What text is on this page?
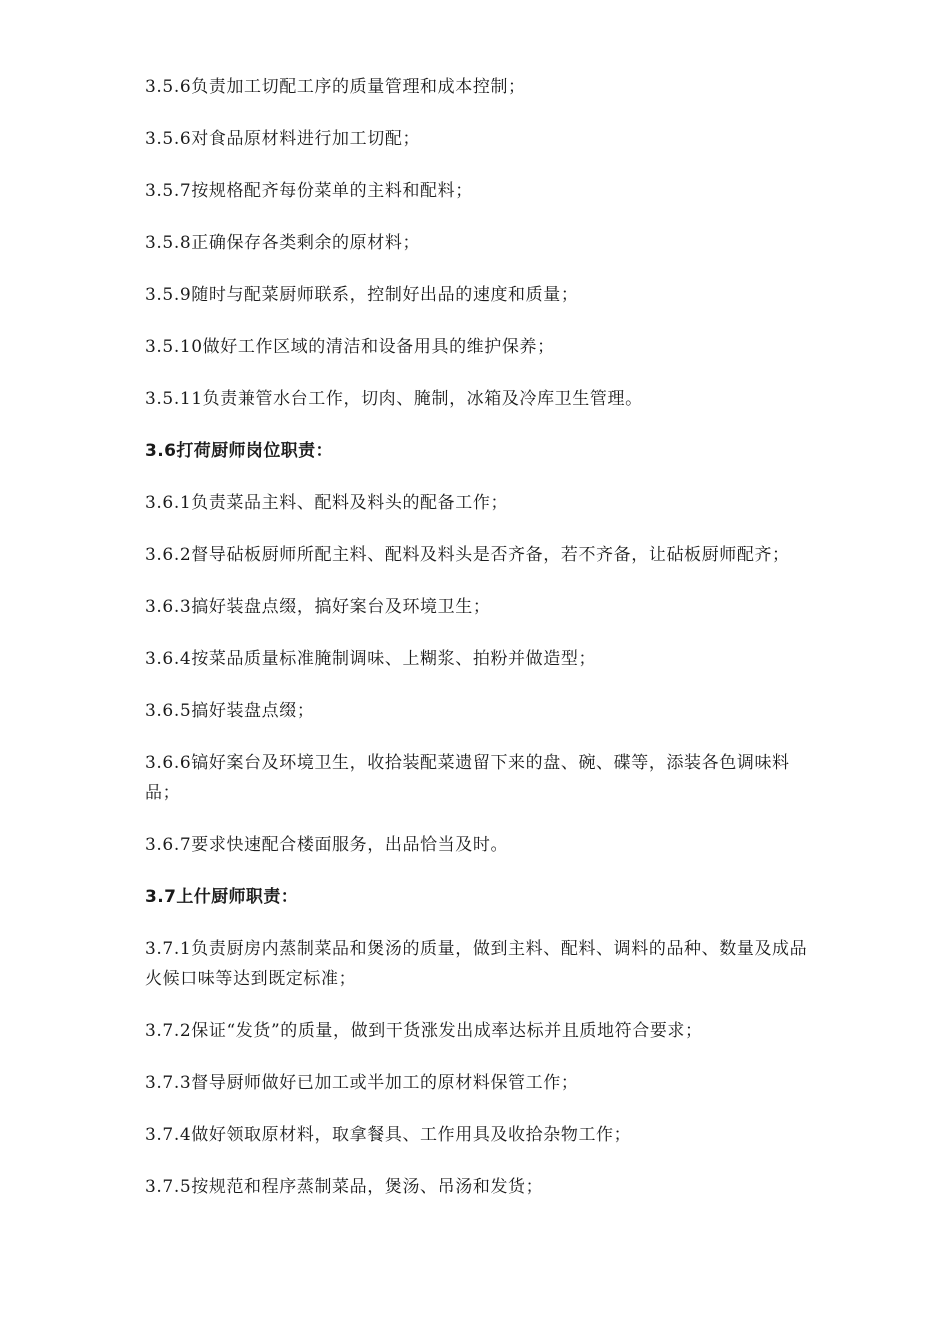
3.5.6负责加工切配工序的质量管理和成本控制；

3.5.6对食品原材料进行加工切配；

3.5.7按规格配齐每份菜单的主料和配料；

3.5.8正确保存各类剩余的原材料；

3.5.9随时与配菜厨师联系，控制好出品的速度和质量；

3.5.10做好工作区域的清洁和设备用具的维护保养；

3.5.11负责兼管水台工作，切肉、腌制，冰箱及冷库卫生管理。

3.6打荷厨师岗位职责：

3.6.1负责菜品主料、配料及料头的配备工作；

3.6.2督导砧板厨师所配主料、配料及料头是否齐备，若不齐备，让砧板厨师配齐；

3.6.3搞好装盘点缀，搞好案台及环境卫生；

3.6.4按菜品质量标准腌制调味、上糊浆、拍粉并做造型；

3.6.5搞好装盘点缀；

3.6.6镐好案台及环境卫生，收拾装配菜遗留下来的盘、碗、碟等，添装各色调味料品；

3.6.7要求快速配合楼面服务，出品恰当及时。

3.7上什厨师职责：

3.7.1负责厨房内蒸制菜品和煲汤的质量，做到主料、配料、调料的品种、数量及成品火候口味等达到既定标准；

3.7.2保证“发货”的质量，做到干货涨发出成率达标并且质地符合要求；

3.7.3督导厨师做好已加工或半加工的原材料保管工作；

3.7.4做好领取原材料，取拿餐具、工作用具及收拾杂物工作；

3.7.5按规范和程序蒸制菜品，煲汤、吊汤和发货；
